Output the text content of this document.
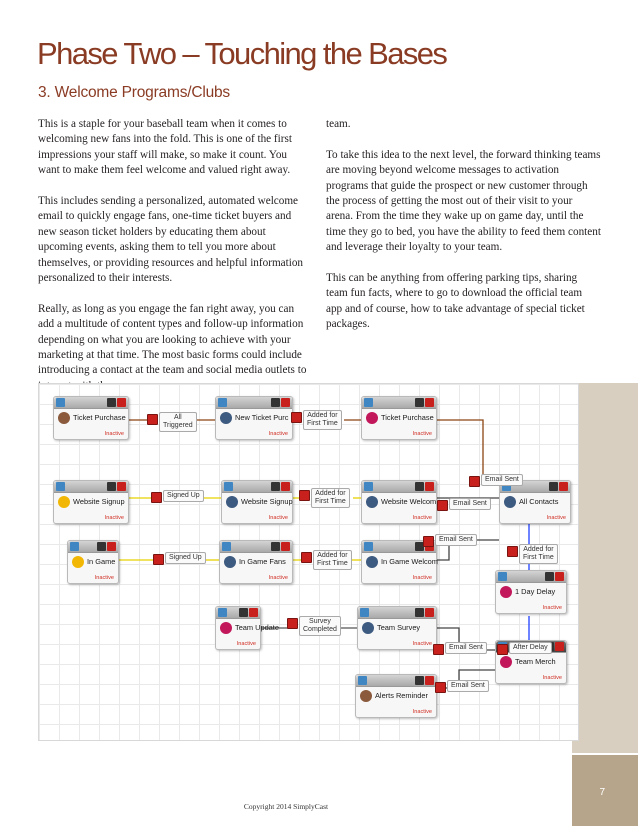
7
Phase Two – Touching the Bases
3. Welcome Programs/Clubs

This is a staple for your baseball team when it comes to welcoming new fans into the fold. This is one of the first impressions your staff will make, so make it count. You want to make them feel welcome and valued right away.

This includes sending a personalized, automated welcome email to quickly engage fans, one-time ticket buyers and new season ticket holders by educating them about upcoming events, asking them to tell you more about themselves, or providing resources and helpful information personalized to their interests.

Really, as long as you engage the fan right away, you can add a multitude of content types and follow-up information depending on what you are looking to achieve with your marketing at that time. The most basic forms could include introducing a contact at the team and social media outlets to

team.

To take this idea to the next level, the forward thinking teams are moving beyond welcome messages to activation programs that guide the prospect or new customer through the process of getting the most out of their visit to your arena. From the time they wake up on game day, until the time they go to bed, you have the ability to feed them content and leverage their loyalty to your team.

This can be anything from offering parking tips, sharing team fun facts, where to go to download the official team app and of course, how to take advantage of special ticket packages.

Ticket Purchase
Inactive
New Ticket Purc
Inactive
Ticket Purchase
Inactive
Website Signup
Inactive
Website Signup
Inactive
Website Welcom
Inactive
All Contacts
Inactive
In Game
Inactive
In Game Fans
Inactive
In Game Welcom
Inactive
1 Day Delay
Inactive
Team Update
Inactive
Team Survey
Inactive
Team Merch
Inactive
Alerts Reminder
Inactive
All
Triggered
Added for
First Time
Email Sent
Signed Up	Added for
First Time	Email Sent
Email Sent
Signed Up	Added for
First Time
Added for
First Time
After Delay
Survey
Completed
Email Sent
Email Sent
Copyright 2014 SimplyCast
